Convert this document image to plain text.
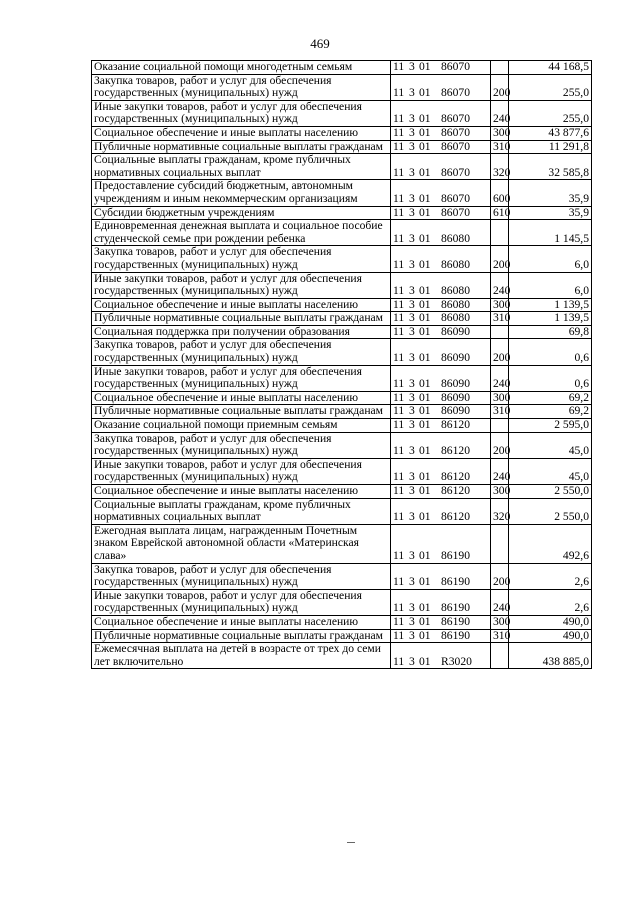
469
Оказание социальной помощи многодетным семьям	11 3 01 86070		44 168,5
Закупка товаров, работ и услуг для обеспечения государственных (муниципальных) нужд	11 3 01 86070	200	255,0
Иные закупки товаров, работ и услуг для обеспечения государственных (муниципальных) нужд	11 3 01 86070	240	255,0
Социальное обеспечение и иные выплаты населению	11 3 01 86070	300	43 877,6
Публичные нормативные социальные выплаты гражданам	11 3 01 86070	310	11 291,8
Социальные выплаты гражданам, кроме публичных нормативных социальных выплат	11 3 01 86070	320	32 585,8
Предоставление субсидий бюджетным, автономным учреждениям и иным некоммерческим организациям	11 3 01 86070	600	35,9
Субсидии бюджетным учреждениям	11 3 01 86070	610	35,9
Единовременная денежная выплата и социальное пособие студенческой семье при рождении ребенка	11 3 01 86080		1 145,5
Закупка товаров, работ и услуг для обеспечения государственных (муниципальных) нужд	11 3 01 86080	200	6,0
Иные закупки товаров, работ и услуг для обеспечения государственных (муниципальных) нужд	11 3 01 86080	240	6,0
Социальное обеспечение и иные выплаты населению	11 3 01 86080	300	1 139,5
Публичные нормативные социальные выплаты гражданам	11 3 01 86080	310	1 139,5
Социальная поддержка при получении образования	11 3 01 86090		69,8
Закупка товаров, работ и услуг для обеспечения государственных (муниципальных) нужд	11 3 01 86090	200	0,6
Иные закупки товаров, работ и услуг для обеспечения государственных (муниципальных) нужд	11 3 01 86090	240	0,6
Социальное обеспечение и иные выплаты населению	11 3 01 86090	300	69,2
Публичные нормативные социальные выплаты гражданам	11 3 01 86090	310	69,2
Оказание социальной помощи приемным семьям	11 3 01 86120		2 595,0
Закупка товаров, работ и услуг для обеспечения государственных (муниципальных) нужд	11 3 01 86120	200	45,0
Иные закупки товаров, работ и услуг для обеспечения государственных (муниципальных) нужд	11 3 01 86120	240	45,0
Социальное обеспечение и иные выплаты населению	11 3 01 86120	300	2 550,0
Социальные выплаты гражданам, кроме публичных нормативных социальных выплат	11 3 01 86120	320	2 550,0
Ежегодная выплата лицам, награжденным Почетным знаком Еврейской автономной области «Материнская слава»	11 3 01 86190		492,6
Закупка товаров, работ и услуг для обеспечения государственных (муниципальных) нужд	11 3 01 86190	200	2,6
Иные закупки товаров, работ и услуг для обеспечения государственных (муниципальных) нужд	11 3 01 86190	240	2,6
Социальное обеспечение и иные выплаты населению	11 3 01 86190	300	490,0
Публичные нормативные социальные выплаты гражданам	11 3 01 86190	310	490,0
Ежемесячная выплата на детей в возрасте от трех до семи лет включительно	11 3 01 R3020		438 885,0
